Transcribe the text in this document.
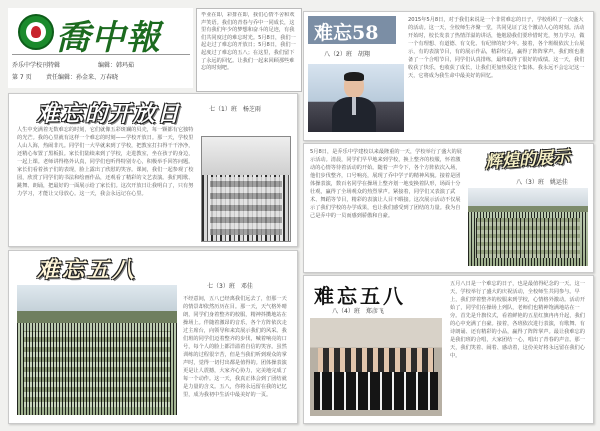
喬中報
乔乐中学校刊特辑	编辑：韩玛茹
第 7 页 责任编辑：孙金来、万春晓
毕业在即，彩排在即，我们心情不舍和欢声笑语。我们的青春与乔中一同成长，这里有我们年少的梦想和奋斗的足迹，有我们共同度过的难忘时光。5月8日，我们一起走过了难忘的开放日；5月8日，我们一起度过了难忘的五八；在这里，我们留下了永远的回忆。让我们一起来回顾那些难忘的时刻吧。
难忘的开放日	七（1）班　杨芝雨
人生中充满着无数难忘的时刻，它们就像五彩斑斓的贝壳，每一颗都有它独特的光芒。我的心里就有这样一个难忘的时刻——学校开放日。那一天，学校里人山人海，热闹非凡。同学们一大早就来到了学校，把教室打扫得干干净净，还精心布置了黑板报。家长们陆续来到了学校，走进教室，坐在孩子的身边，一起上课。老师讲得格外认真，同学们也听得特别专心，积极举手回答问题。家长们看着孩子们的表现，脸上露出了欣慰的笑容。课间，我们一起参观了校园，欣赏了同学们的书法和绘画作品，还观看了精彩的文艺表演。我们唱歌、跳舞、朗诵，把最好的一面展示给了家长们。这次开放日让我明白了，只有努力学习，才能让父母放心。这一天，我会永远记在心里。
难忘58
八（2）班　胡翔
2015年5月8日，对于我们来说是一个非常难忘的日子，学校组织了一次盛大的活动。这一天，全校师生齐聚一堂，共同见证了这个激动人心的时刻。活动开始时，校长发表了热情洋溢的讲话，他勉励我们要珍惜时光，努力学习，做一个有理想、有道德、有文化、有纪律的好少年。接着，各个班级依次上台展示，有的表演节目，有的展示作品，精彩纷呈，赢得了阵阵掌声。我们班也准备了一个合唱节目，同学们认真排练，最终取得了很好的成绩。这一天，我们收获了快乐，也收获了成长，让我们更加热爱这个集体。我永远不会忘记这一天，它将成为我生命中最美好的回忆。
5月8日，是乔乐中学建校以来最隆重的一天，学校举行了盛大的展示活动。清晨，同学们早早地来到学校，换上整齐的校服，怀着激动的心情等待着活动的开始。随着一声令下，各个方阵依次入场，他们步伐整齐，口号响亮，展现了乔中学子的精神风貌。接着是团体操表演，数百名同学在操场上整齐划一地变换着队形，场面十分壮观，赢得了全场观众的热烈掌声。紧接着，同学们又表演了武术、舞蹈等节目，精彩的表演让人目不暇接。这次展示活动不仅展示了我们学校的办学成果，也让我们感受到了团结的力量。我为自己是乔中的一员而感到骄傲和自豪。
辉煌的展示
八（3）班　姚运佳
难忘五八
七（3）班　邓佳
不经意间，五八已经离我们远去了，但那一天的情景却依然历历在目。那一天，天气格外晴朗，同学们身着整齐的校服，精神抖擞地站在操场上。伴随着激昂的音乐，各个方阵依次走过主席台，向领导和来宾展示我们的风采。我们班的同学们迈着整齐的步伐，喊着响亮的口号，每个人的脸上都洋溢着自信的笑容。虽然训练的过程很辛苦，但是当我们听到观众的掌声时，觉得一切付出都是值得的。团体操表演更是让人震撼，大家齐心协力，完美地完成了每一个动作。这一天，我真正体会到了团结就是力量的含义。五八，你将永远留在我的记忆里，成为我初中生活中最美好的一页。
难忘五八
八（4）班　郑彦飞
五月八日是一个难忘的日子，也是最值得纪念的一天。这一天，学校举行了盛大的庆祝活动，全校师生共同参与。早上，我们穿着整齐的校服来到学校，心情格外激动。活动开始了，同学们在操场上列队，老师们也精神饱满地站在一旁。首先是升旗仪式，看着鲜艳的五星红旗冉冉升起，我们的心中充满了自豪。接着，各班依次进行表演，有歌舞、有诗朗诵、还有精彩的小品，赢得了阵阵掌声。最让我难忘的是我们班的合唱，大家团结一心，唱出了青春的声音。那一天，我们笑着、闹着、感动着，这份美好将永远留在我们心中。
